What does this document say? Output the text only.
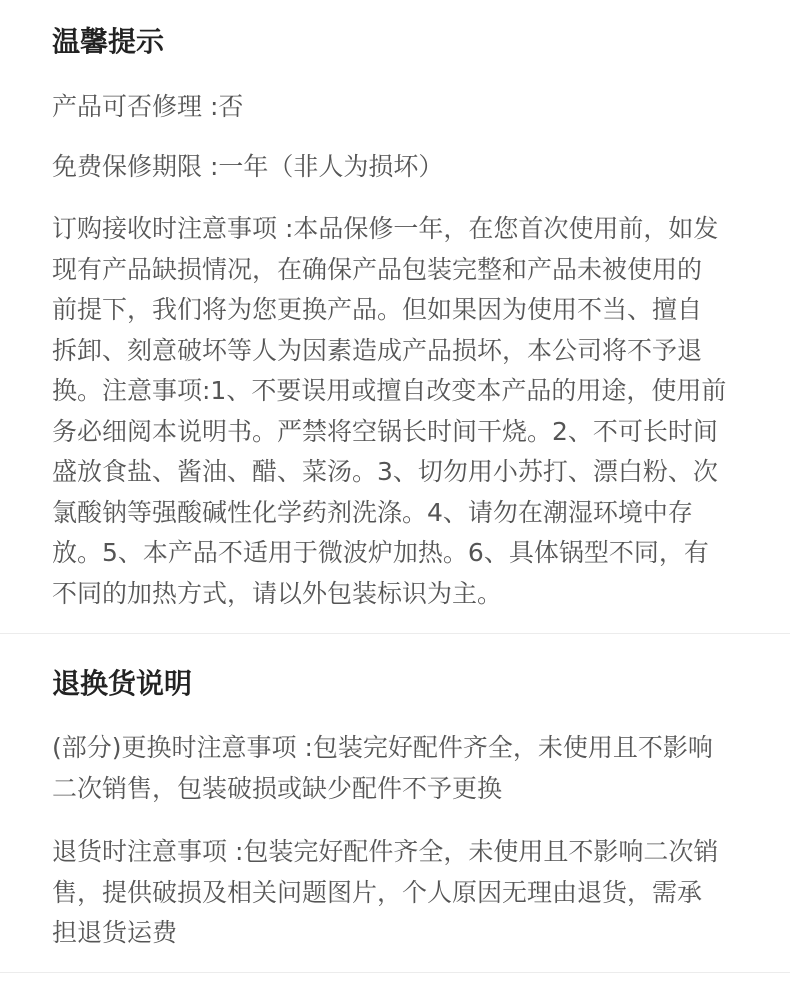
温馨提示
产品可否修理 :否
免费保修期限 :一年（非人为损坏）
订购接收时注意事项 :本品保修一年，在您首次使用前，如发
现有产品缺损情况，在确保产品包装完整和产品未被使用的
前提下，我们将为您更换产品。但如果因为使用不当、擅自
拆卸、刻意破坏等人为因素造成产品损坏，本公司将不予退
换。注意事项:1、不要误用或擅自改变本产品的用途，使用前
务必细阅本说明书。严禁将空锅长时间干烧。2、不可长时间
盛放食盐、酱油、醋、菜汤。3、切勿用小苏打、漂白粉、次
氯酸钠等强酸碱性化学药剂洗涤。4、请勿在潮湿环境中存
放。5、本产品不适用于微波炉加热。6、具体锅型不同，有
不同的加热方式，请以外包装标识为主。
退换货说明
(部分)更换时注意事项 :包装完好配件齐全，未使用且不影响
二次销售，包装破损或缺少配件不予更换
退货时注意事项 :包装完好配件齐全，未使用且不影响二次销
售，提供破损及相关问题图片，个人原因无理由退货，需承
担退货运费
